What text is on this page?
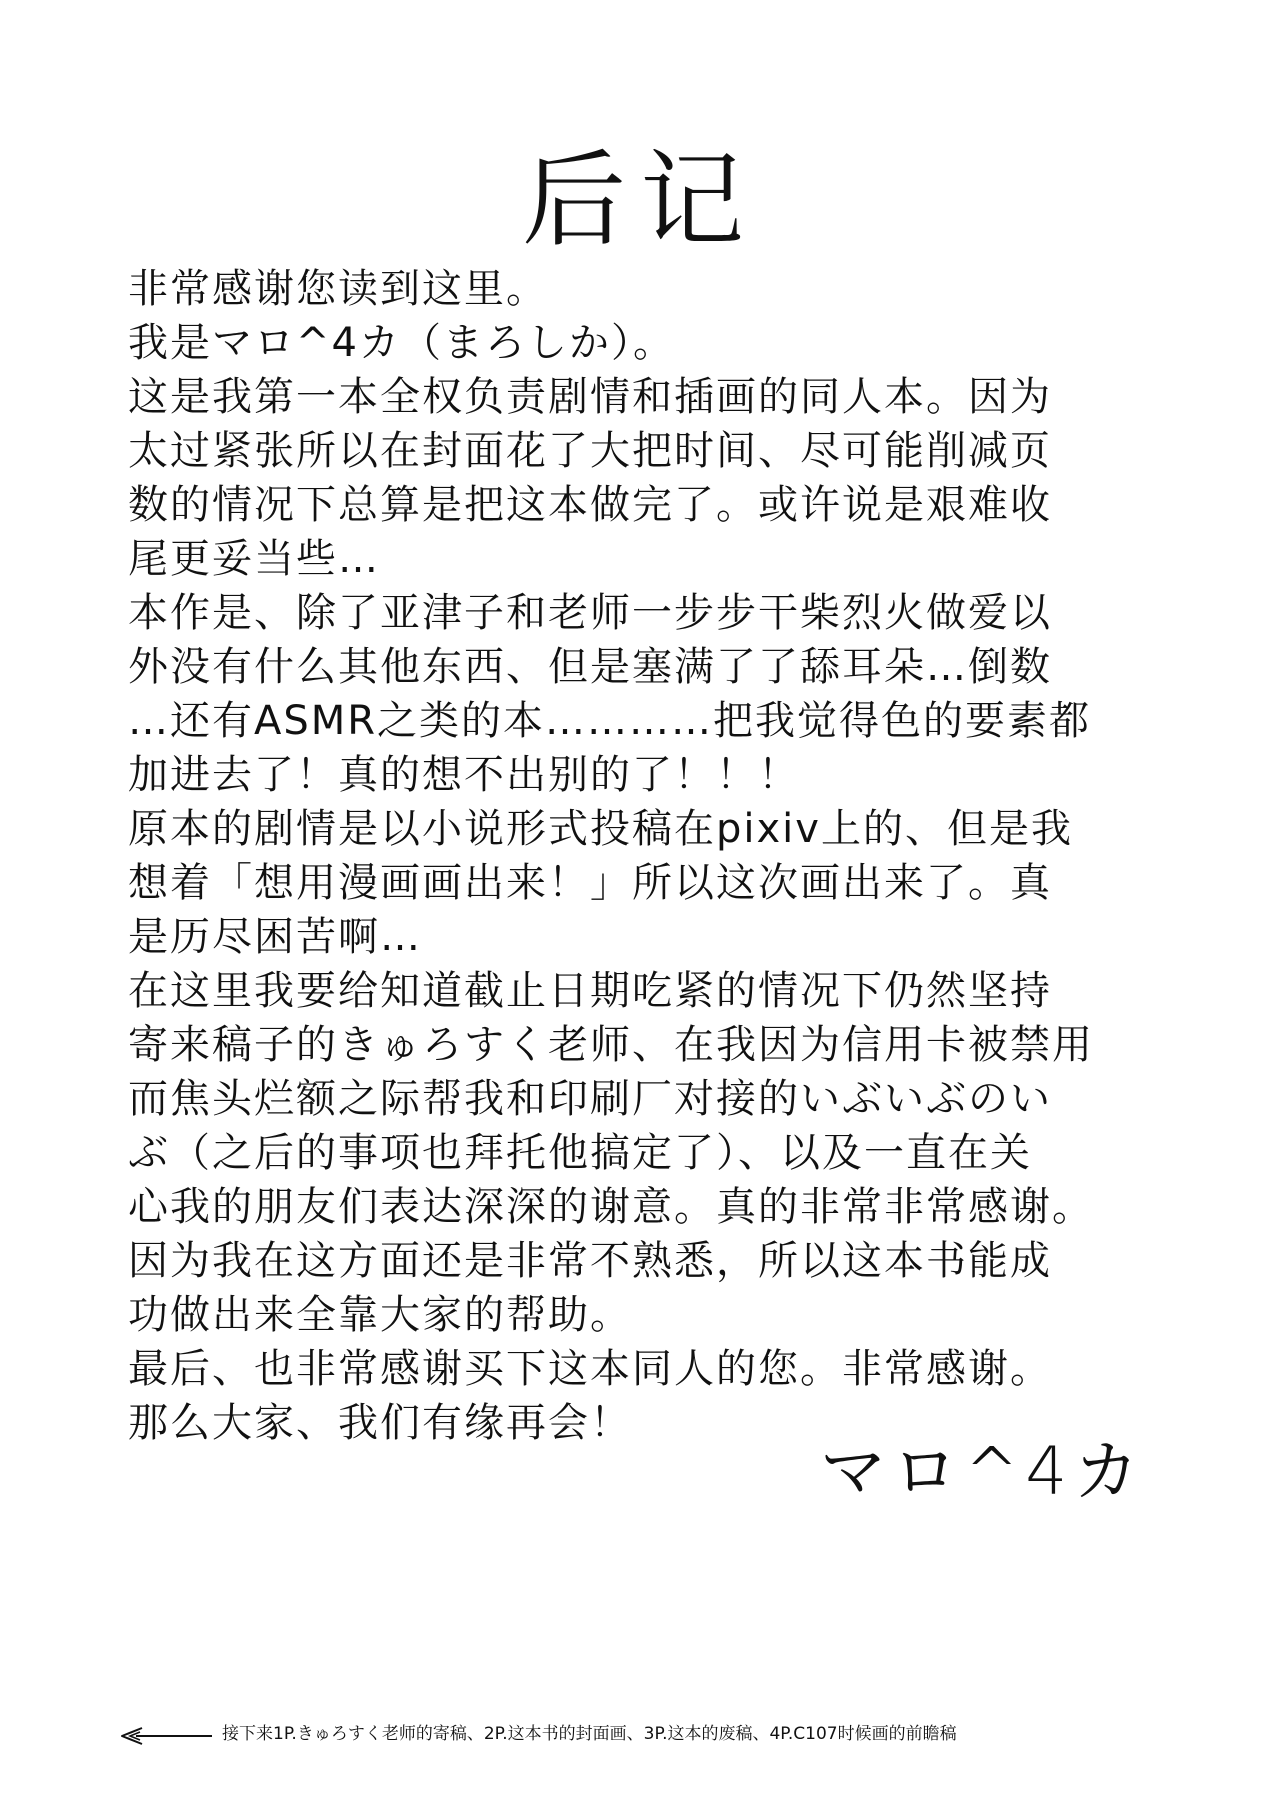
后记
非常感谢您读到这里。
我是マロ^4カ（まろしか）。
这是我第一本全权负责剧情和插画的同人本。因为
太过紧张所以在封面花了大把时间、尽可能削减页
数的情况下总算是把这本做完了。或许说是艰难收
尾更妥当些…
本作是、除了亚津子和老师一步步干柴烈火做爱以
外没有什么其他东西、但是塞满了了舔耳朵…倒数
…还有ASMR之类的本…………把我觉得色的要素都
加进去了！真的想不出别的了！！！
原本的剧情是以小说形式投稿在pixiv上的、但是我
想着「想用漫画画出来！」所以这次画出来了。真
是历尽困苦啊…
在这里我要给知道截止日期吃紧的情况下仍然坚持
寄来稿子的きゅろすく老师、在我因为信用卡被禁用
而焦头烂额之际帮我和印刷厂对接的いぶいぶのい
ぶ（之后的事项也拜托他搞定了）、以及一直在关
心我的朋友们表达深深的谢意。真的非常非常感谢。
因为我在这方面还是非常不熟悉，所以这本书能成
功做出来全靠大家的帮助。
最后、也非常感谢买下这本同人的您。非常感谢。
那么大家、我们有缘再会！
マロ^4カ
接下来1P.きゅろすく老师的寄稿、2P.这本书的封面画、3P.这本的废稿、4P.C107时候画的前瞻稿
